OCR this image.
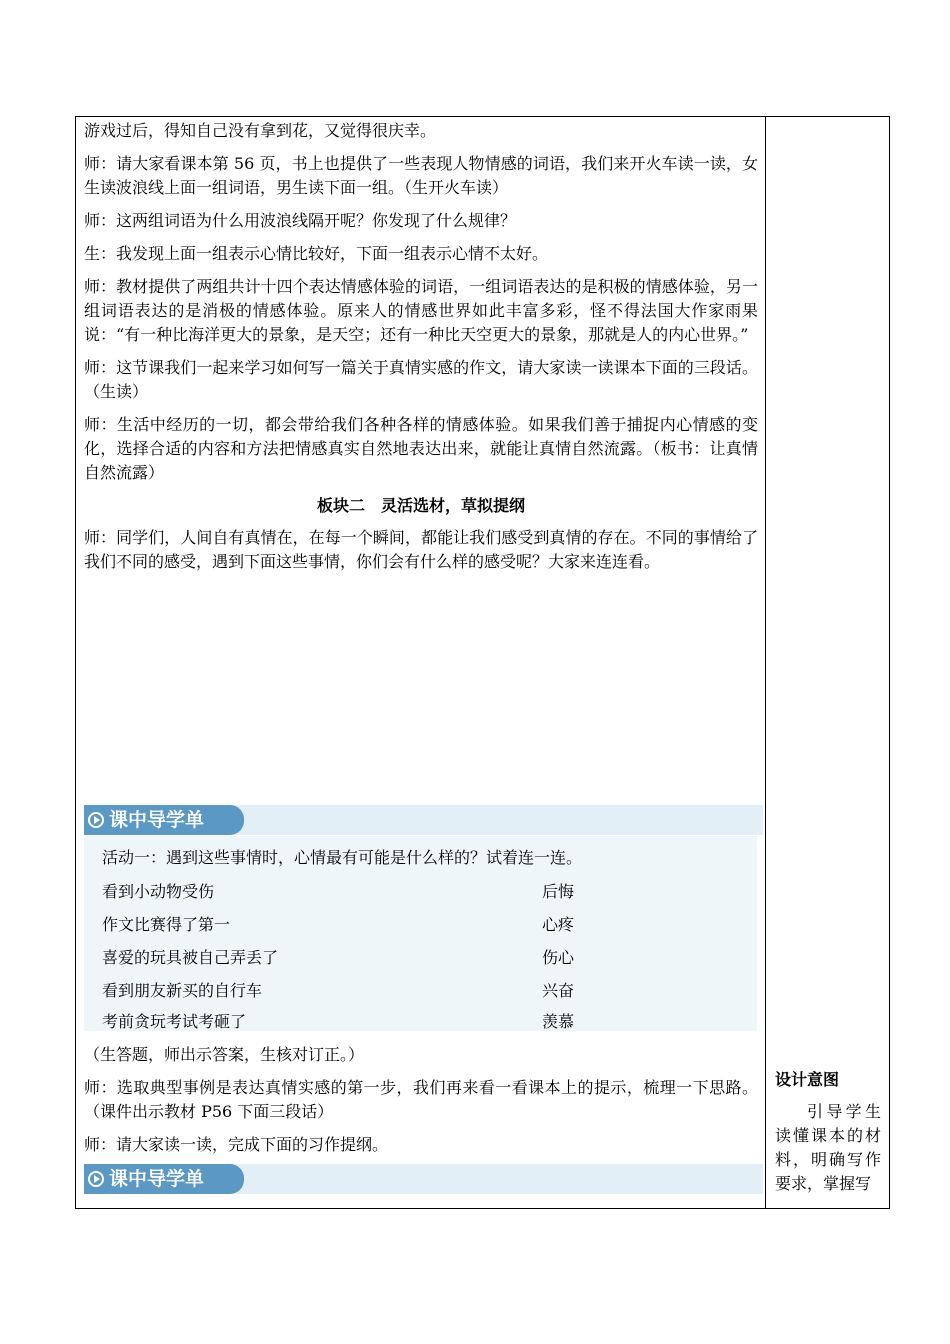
游戏过后，得知自己没有拿到花，又觉得很庆幸。

师：请大家看课本第 56 页，书上也提供了一些表现人物情感的词语，我们来开火车读一读，女生读波浪线上面一组词语，男生读下面一组。（生开火车读）

师：这两组词语为什么用波浪线隔开呢？你发现了什么规律？

生：我发现上面一组表示心情比较好，下面一组表示心情不太好。

师：教材提供了两组共计十四个表达情感体验的词语，一组词语表达的是积极的情感体验，另一组词语表达的是消极的情感体验。原来人的情感世界如此丰富多彩，怪不得法国大作家雨果说：“有一种比海洋更大的景象，是天空；还有一种比天空更大的景象，那就是人的内心世界。”

师：这节课我们一起来学习如何写一篇关于真情实感的作文，请大家读一读课本下面的三段话。（生读）

师：生活中经历的一切，都会带给我们各种各样的情感体验。如果我们善于捕捉内心情感的变化，选择合适的内容和方法把情感真实自然地表达出来，就能让真情自然流露。（板书：让真情自然流露）

板块二　灵活选材，草拟提纲

师：同学们，人间自有真情在，在每一个瞬间，都能让我们感受到真情的存在。不同的事情给了我们不同的感受，遇到下面这些事情，你们会有什么样的感受呢？大家来连连看。

课中导学单
活动一：遇到这些事情时，心情最有可能是什么样的？试着连一连。
看到小动物受伤	后悔
作文比赛得了第一	心疼
喜爱的玩具被自己弄丢了	伤心
看到朋友新买的自行车	兴奋
考前贪玩考试考砸了	羡慕

（生答题，师出示答案，生核对订正。）

师：选取典型事例是表达真情实感的第一步，我们再来看一看课本上的提示，梳理一下思路。（课件出示教材 P56 下面三段话）

师：请大家读一读，完成下面的习作提纲。

课中导学单
设计意图
引导学生读懂课本的材料，明确写作要求，掌握写
